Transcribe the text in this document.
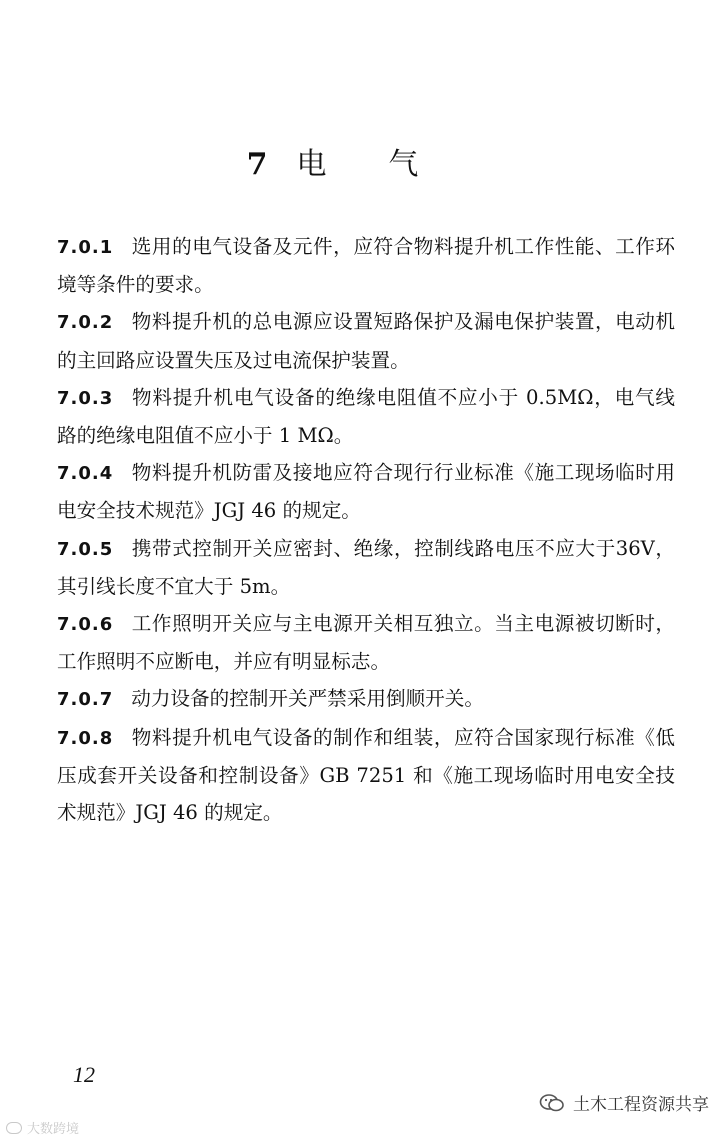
7 电气

7.0.1 选用的电气设备及元件，应符合物料提升机工作性能、工作环境等条件的要求。

7.0.2 物料提升机的总电源应设置短路保护及漏电保护装置，电动机的主回路应设置失压及过电流保护装置。

7.0.3 物料提升机电气设备的绝缘电阻值不应小于 0.5MΩ，电气线路的绝缘电阻值不应小于 1 MΩ。

7.0.4 物料提升机防雷及接地应符合现行行业标准《施工现场临时用电安全技术规范》JGJ 46 的规定。

7.0.5 携带式控制开关应密封、绝缘，控制线路电压不应大于36V，其引线长度不宜大于 5m。

7.0.6 工作照明开关应与主电源开关相互独立。当主电源被切断时，工作照明不应断电，并应有明显标志。

7.0.7 动力设备的控制开关严禁采用倒顺开关。

7.0.8 物料提升机电气设备的制作和组装，应符合国家现行标准《低压成套开关设备和控制设备》GB 7251 和《施工现场临时用电安全技术规范》JGJ 46 的规定。

12
大数跨境
土木工程资源共享
